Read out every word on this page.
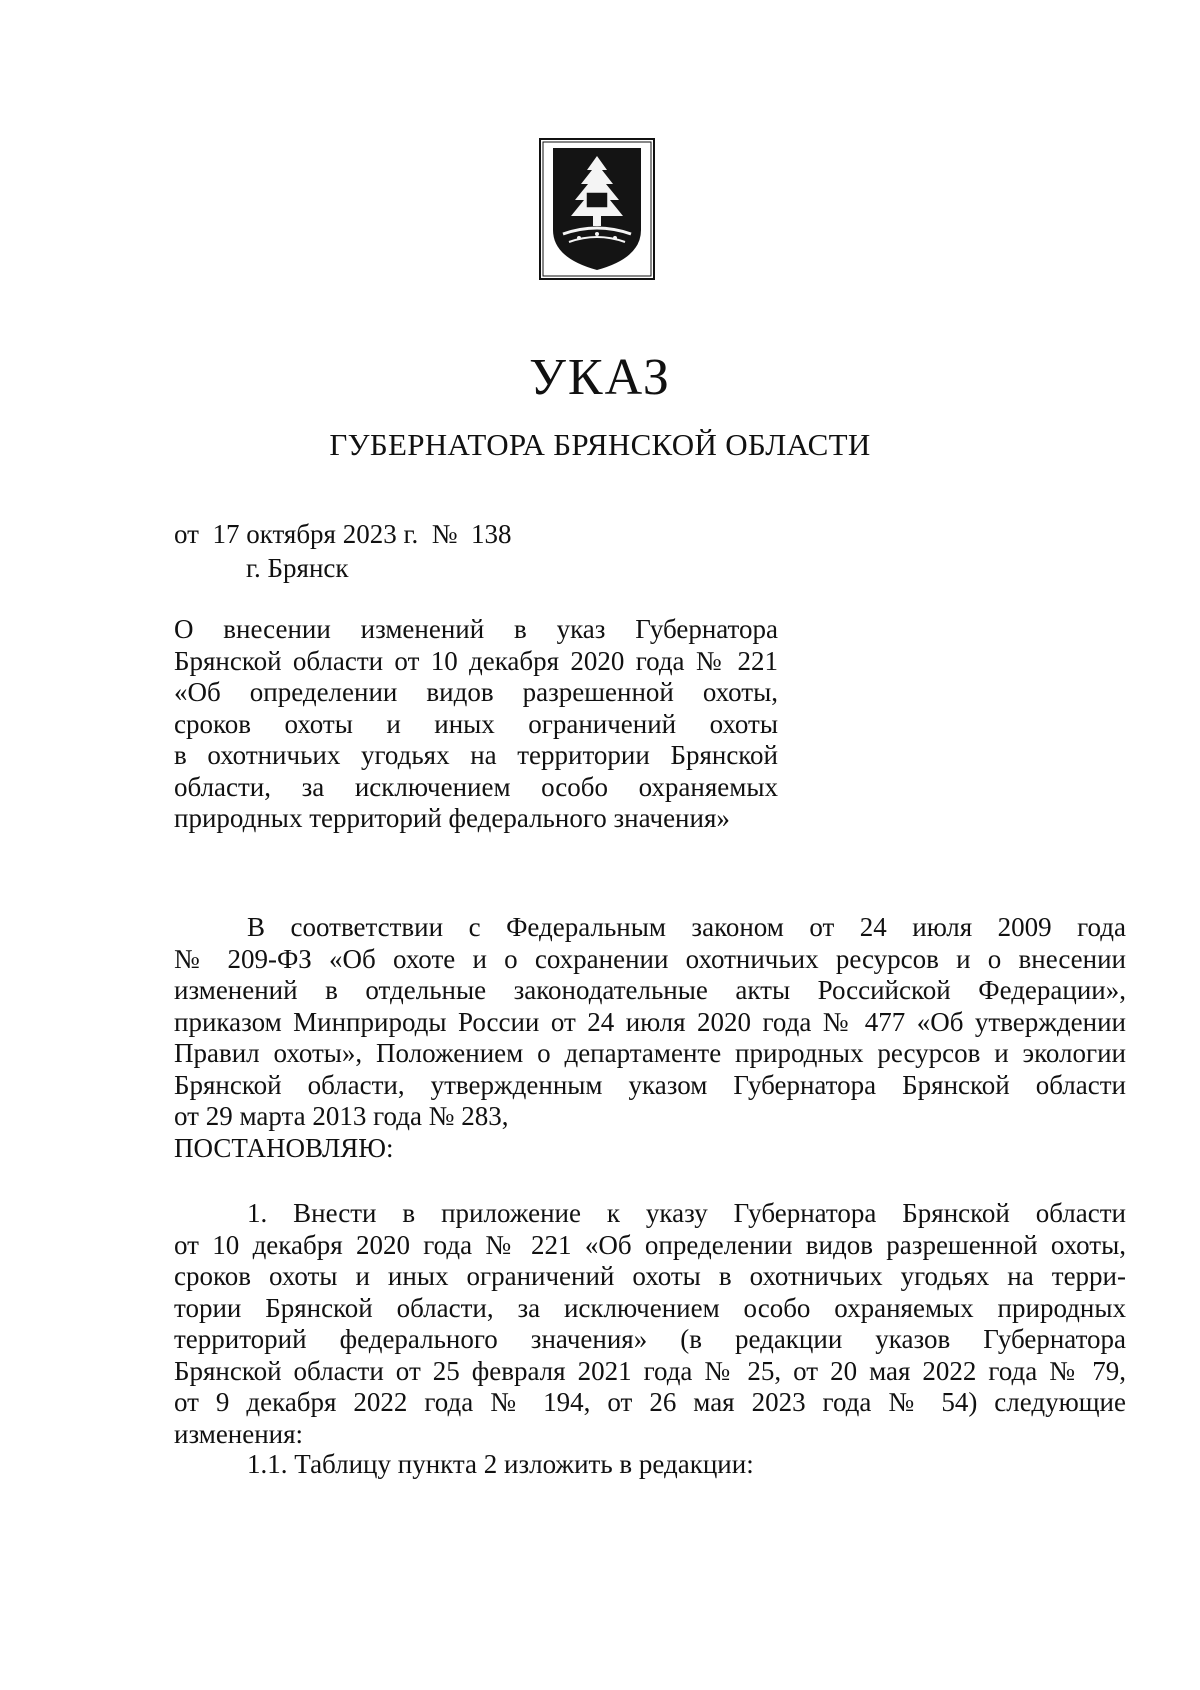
УКАЗ
ГУБЕРНАТОРА БРЯНСКОЙ ОБЛАСТИ
от  17 октября 2023 г.  №  138
г. Брянск
О внесении изменений в указ Губернатора
Брянской области от 10 декабря 2020 года № 221
«Об определении видов разрешенной охоты,
сроков охоты и иных ограничений охоты
в охотничьих угодьях на территории Брянской
области, за исключением особо охраняемых
природных территорий федерального значения»
В соответствии с Федеральным законом от 24 июля 2009 года
№ 209-ФЗ «Об охоте и о сохранении охотничьих ресурсов и о внесении
изменений в отдельные законодательные акты Российской Федерации»,
приказом Минприроды России от 24 июля 2020 года № 477 «Об утверждении
Правил охоты», Положением о департаменте природных ресурсов и экологии
Брянской области, утвержденным указом Губернатора Брянской области
от 29 марта 2013 года № 283,
ПОСТАНОВЛЯЮ:
1. Внести в приложение к указу Губернатора Брянской области
от 10 декабря 2020 года № 221 «Об определении видов разрешенной охоты,
сроков охоты и иных ограничений охоты в охотничьих угодьях на терри-
тории Брянской области, за исключением особо охраняемых природных
территорий федерального значения» (в редакции указов Губернатора
Брянской области от 25 февраля 2021 года № 25, от 20 мая 2022 года № 79,
от 9 декабря 2022 года № 194, от 26 мая 2023 года № 54) следующие
изменения:
1.1. Таблицу пункта 2 изложить в редакции:
